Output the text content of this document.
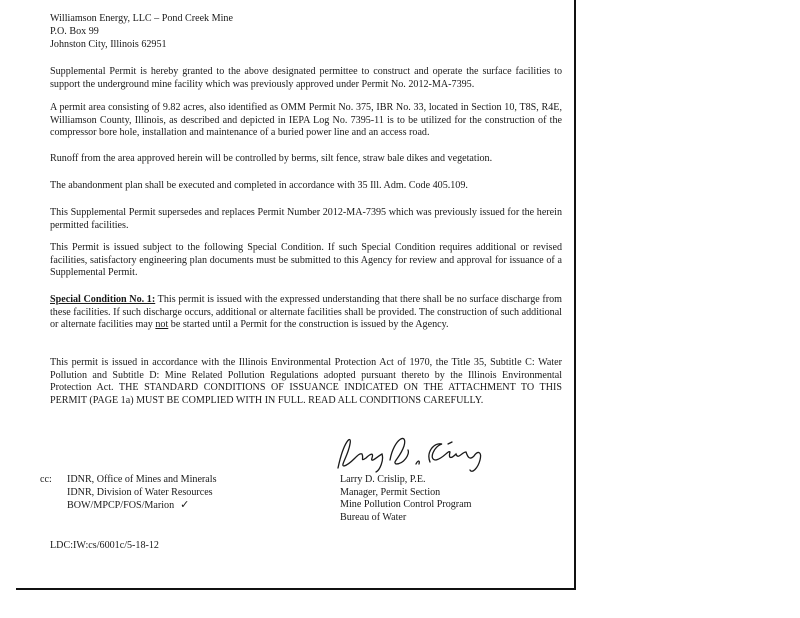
Williamson Energy, LLC – Pond Creek Mine
P.O. Box 99
Johnston City, Illinois 62951

Supplemental Permit is hereby granted to the above designated permittee to construct and operate the surface facilities to support the underground mine facility which was previously approved under Permit No. 2012-MA-7395.

A permit area consisting of 9.82 acres, also identified as OMM Permit No. 375, IBR No. 33, located in Section 10, T8S, R4E, Williamson County, Illinois, as described and depicted in IEPA Log No. 7395-11 is to be utilized for the construction of the compressor bore hole, installation and maintenance of a buried power line and an access road.

Runoff from the area approved herein will be controlled by berms, silt fence, straw bale dikes and vegetation.

The abandonment plan shall be executed and completed in accordance with 35 Ill. Adm. Code 405.109.

This Supplemental Permit supersedes and replaces Permit Number 2012-MA-7395 which was previously issued for the herein permitted facilities.

This Permit is issued subject to the following Special Condition. If such Special Condition requires additional or revised facilities, satisfactory engineering plan documents must be submitted to this Agency for review and approval for issuance of a Supplemental Permit.

Special Condition No. 1: This permit is issued with the expressed understanding that there shall be no surface discharge from these facilities. If such discharge occurs, additional or alternate facilities shall be provided. The construction of such additional or alternate facilities may not be started until a Permit for the construction is issued by the Agency.

This permit is issued in accordance with the Illinois Environmental Protection Act of 1970, the Title 35, Subtitle C: Water Pollution and Subtitle D: Mine Related Pollution Regulations adopted pursuant thereto by the Illinois Environmental Protection Act. THE STANDARD CONDITIONS OF ISSUANCE INDICATED ON THE ATTACHMENT TO THIS PERMIT (PAGE 1a) MUST BE COMPLIED WITH IN FULL. READ ALL CONDITIONS CAREFULLY.

cc: IDNR, Office of Mines and Minerals
IDNR, Division of Water Resources
BOW/MPCP/FOS/Marion ✓
Larry D. Crislip, P.E.
Manager, Permit Section
Mine Pollution Control Program
Bureau of Water
LDC:IW:cs/6001c/5-18-12
